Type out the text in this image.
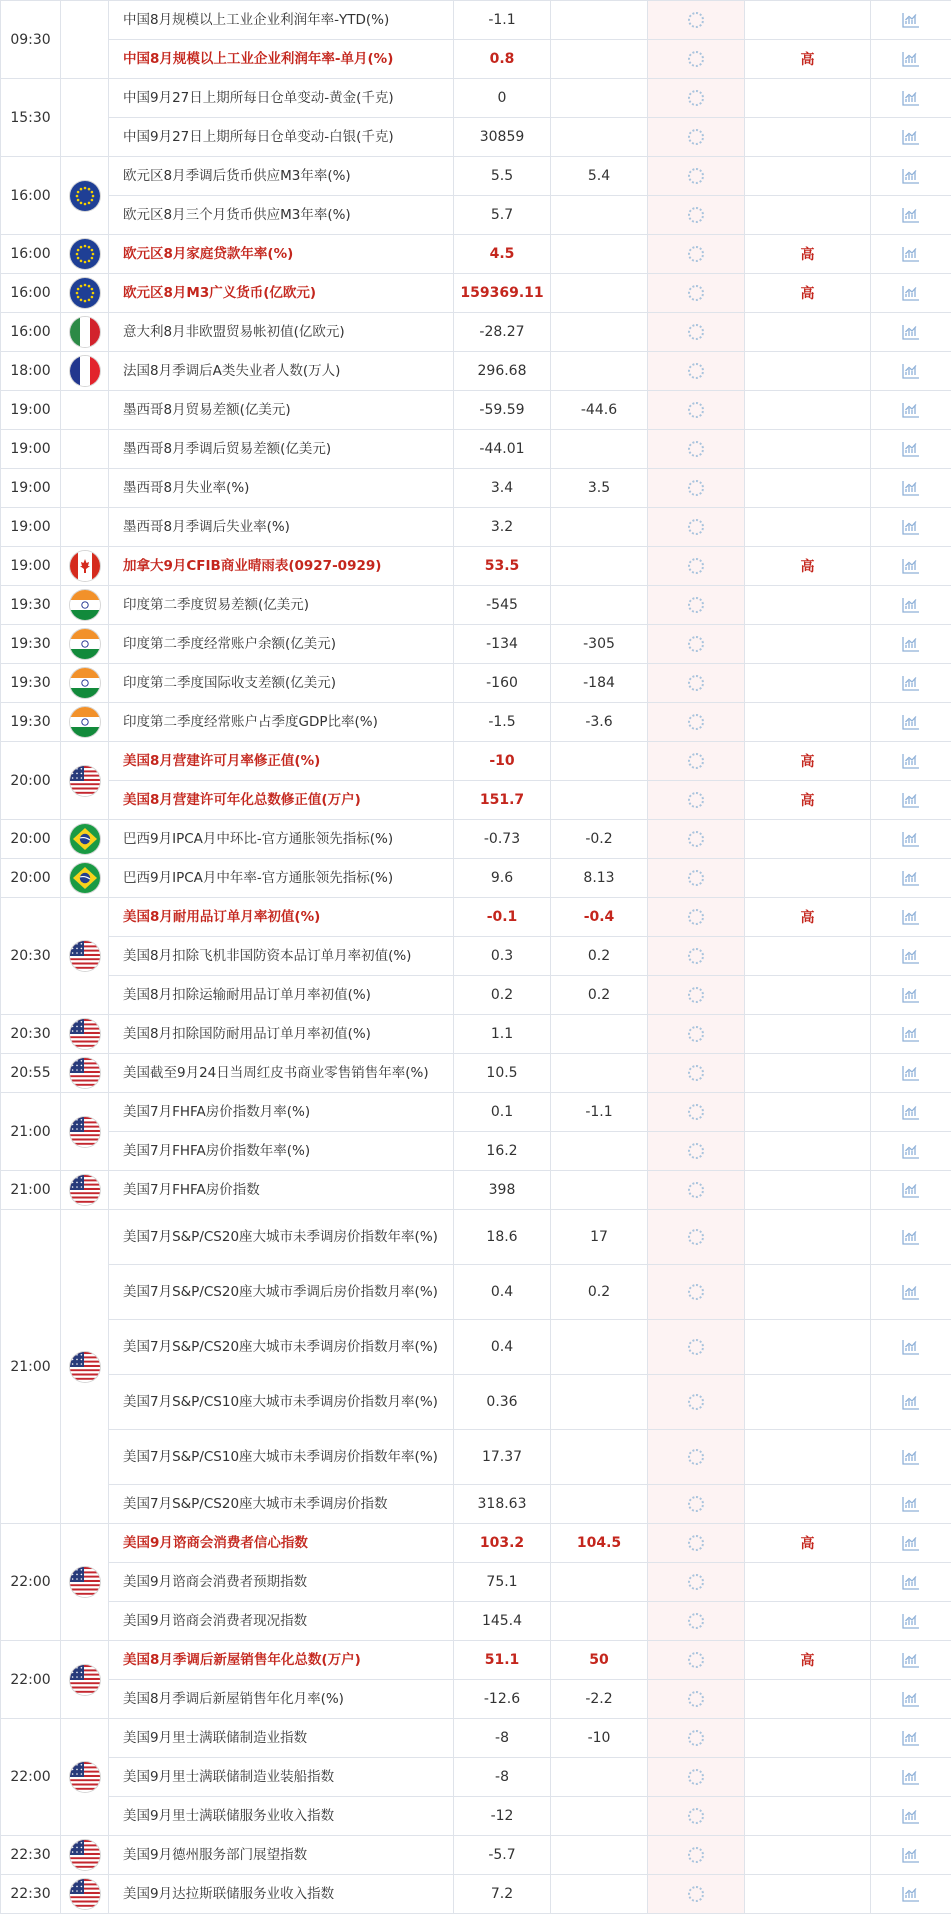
09:30		中国8月规模以上工业企业利润年率-YTD(%)	-1.1				
		中国8月规模以上工业企业利润年率-单月(%)	0.8			高	
15:30		中国9月27日上期所每日仓单变动-黄金(千克)	0				
		中国9月27日上期所每日仓单变动-白银(千克)	30859				
16:00		欧元区8月季调后货币供应M3年率(%)	5.5	5.4			
		欧元区8月三个月货币供应M3年率(%)	5.7				
16:00		欧元区8月家庭贷款年率(%)	4.5			高	
16:00		欧元区8月M3广义货币(亿欧元)	159369.11			高	
16:00		意大利8月非欧盟贸易帐初值(亿欧元)	-28.27				
18:00		法国8月季调后A类失业者人数(万人)	296.68				
19:00		墨西哥8月贸易差额(亿美元)	-59.59	-44.6			
19:00		墨西哥8月季调后贸易差额(亿美元)	-44.01				
19:00		墨西哥8月失业率(%)	3.4	3.5			
19:00		墨西哥8月季调后失业率(%)	3.2				
19:00		加拿大9月CFIB商业晴雨表(0927-0929)	53.5			高	
19:30		印度第二季度贸易差额(亿美元)	-545				
19:30		印度第二季度经常账户余额(亿美元)	-134	-305			
19:30		印度第二季度国际收支差额(亿美元)	-160	-184			
19:30		印度第二季度经常账户占季度GDP比率(%)	-1.5	-3.6			
20:00		美国8月营建许可月率修正值(%)	-10			高	
		美国8月营建许可年化总数修正值(万户)	151.7			高	
20:00		巴西9月IPCA月中环比-官方通胀领先指标(%)	-0.73	-0.2			
20:00		巴西9月IPCA月中年率-官方通胀领先指标(%)	9.6	8.13			
20:30		美国8月耐用品订单月率初值(%)	-0.1	-0.4		高	
		美国8月扣除飞机非国防资本品订单月率初值(%)	0.3	0.2			
		美国8月扣除运输耐用品订单月率初值(%)	0.2	0.2			
20:30		美国8月扣除国防耐用品订单月率初值(%)	1.1				
20:55		美国截至9月24日当周红皮书商业零售销售年率(%)	10.5				
21:00		美国7月FHFA房价指数月率(%)	0.1	-1.1			
		美国7月FHFA房价指数年率(%)	16.2				
21:00		美国7月FHFA房价指数	398				
21:00		美国7月S&P/CS20座大城市未季调房价指数年率(%)	18.6	17			
		美国7月S&P/CS20座大城市季调后房价指数月率(%)	0.4	0.2			
		美国7月S&P/CS20座大城市未季调房价指数月率(%)	0.4				
		美国7月S&P/CS10座大城市未季调房价指数月率(%)	0.36				
		美国7月S&P/CS10座大城市未季调房价指数年率(%)	17.37				
		美国7月S&P/CS20座大城市未季调房价指数	318.63				
22:00		美国9月谘商会消费者信心指数	103.2	104.5		高	
		美国9月谘商会消费者预期指数	75.1				
		美国9月谘商会消费者现况指数	145.4				
22:00		美国8月季调后新屋销售年化总数(万户)	51.1	50		高	
		美国8月季调后新屋销售年化月率(%)	-12.6	-2.2			
22:00		美国9月里士满联储制造业指数	-8	-10			
		美国9月里士满联储制造业装船指数	-8				
		美国9月里士满联储服务业收入指数	-12				
22:30		美国9月德州服务部门展望指数	-5.7				
22:30		美国9月达拉斯联储服务业收入指数	7.2				
